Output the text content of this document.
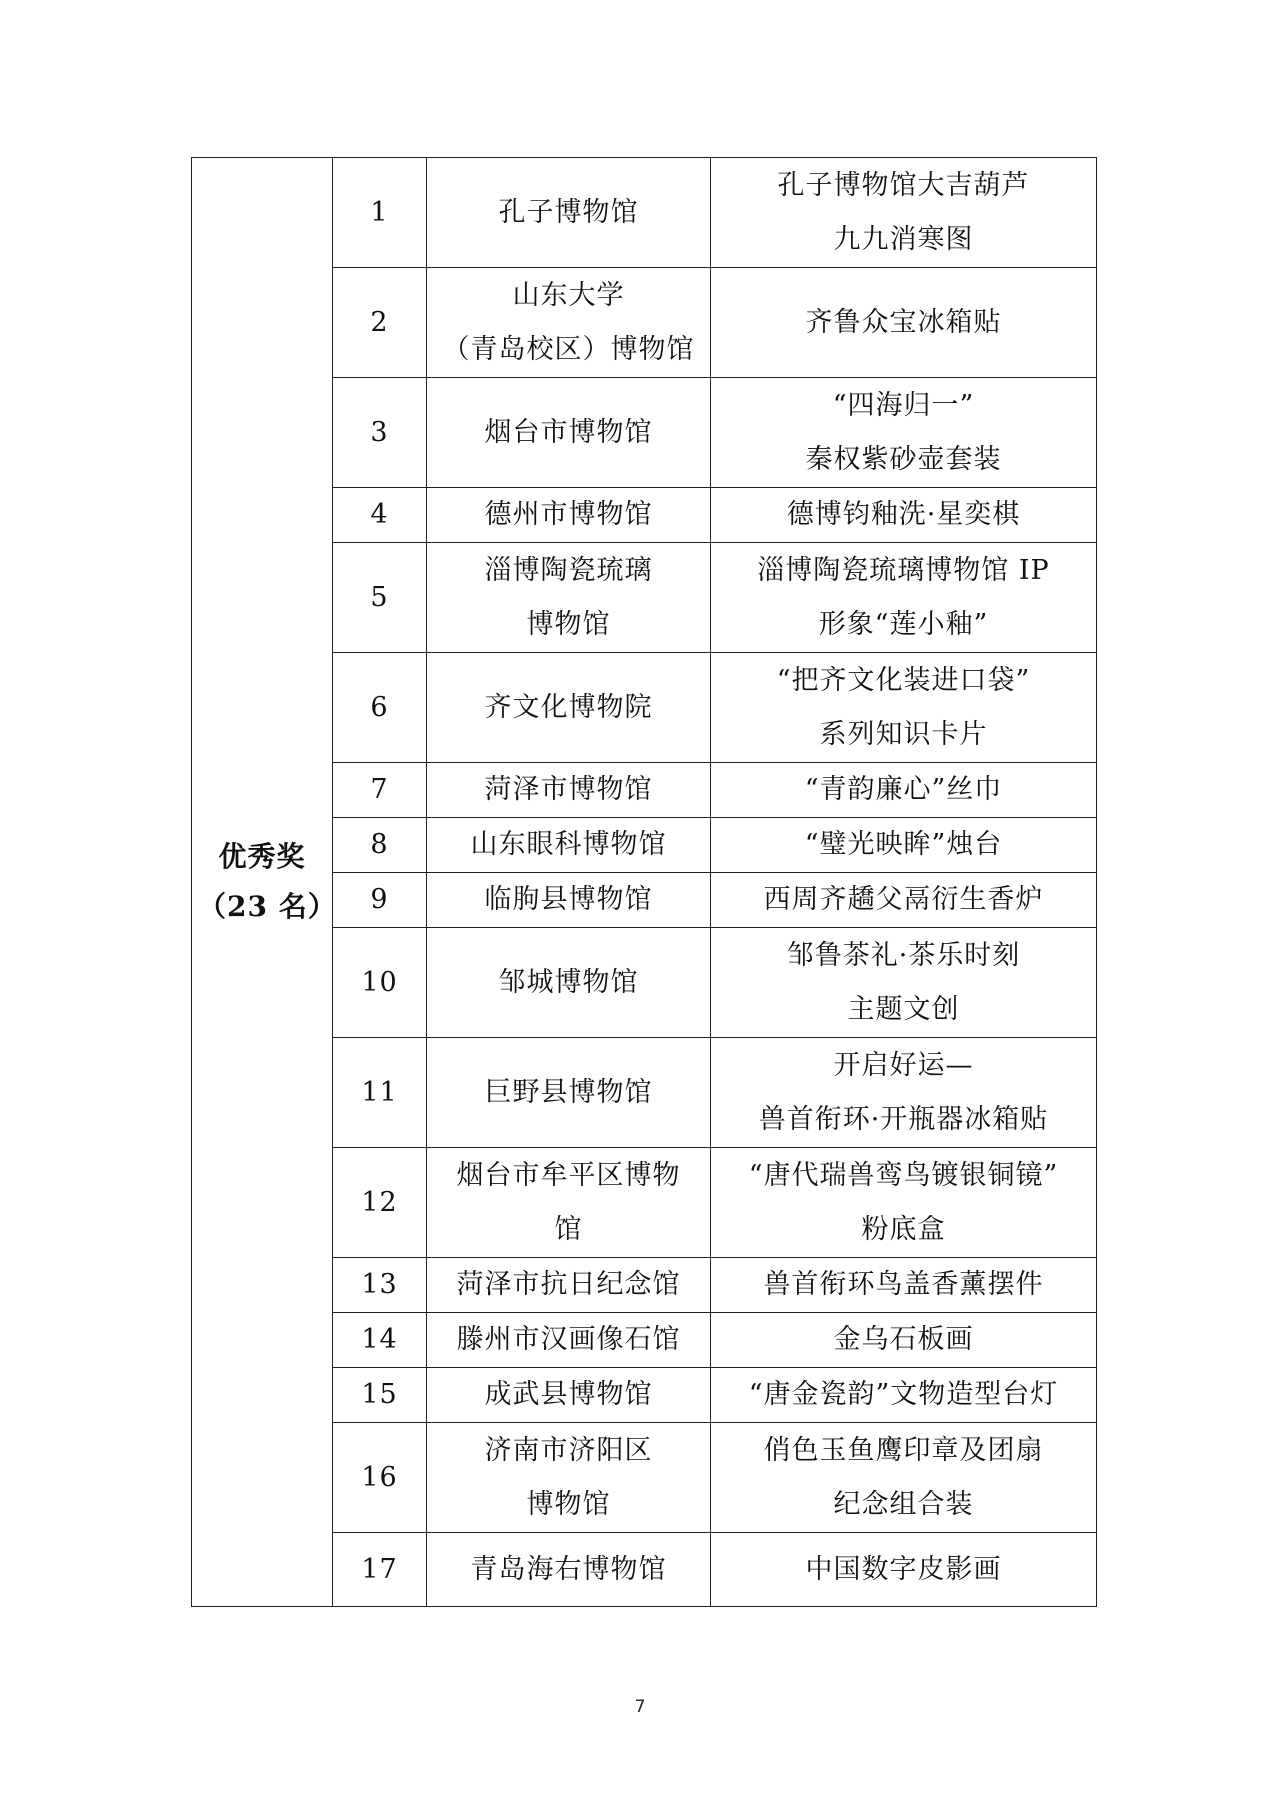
优秀奖
（23 名）	1	孔子博物馆	孔子博物馆大吉葫芦
九九消寒图

	2	山东大学
（青岛校区）博物馆	齐鲁众宝冰箱贴

	3	烟台市博物馆	“四海归一”
秦权紫砂壶套装

	4	德州市博物馆	德博钧釉洗·星奕棋

	5	淄博陶瓷琉璃
博物馆	淄博陶瓷琉璃博物馆 IP
形象“莲小釉”

	6	齐文化博物院	“把齐文化装进口袋”
系列知识卡片

	7	菏泽市博物馆	“青韵廉心”丝巾

	8	山东眼科博物馆	“璧光映眸”烛台

	9	临朐县博物馆	西周齐趫父鬲衍生香炉

	10	邹城博物馆	邹鲁茶礼·茶乐时刻
主题文创

	11	巨野县博物馆	开启好运—
兽首衔环·开瓶器冰箱贴

	12	烟台市牟平区博物
馆	“唐代瑞兽鸾鸟镀银铜镜”
粉底盒

	13	菏泽市抗日纪念馆	兽首衔环鸟盖香薰摆件

	14	滕州市汉画像石馆	金乌石板画

	15	成武县博物馆	“唐金瓷韵”文物造型台灯

	16	济南市济阳区
博物馆	俏色玉鱼鹰印章及团扇
纪念组合装

	17	青岛海右博物馆	中国数字皮影画
7
